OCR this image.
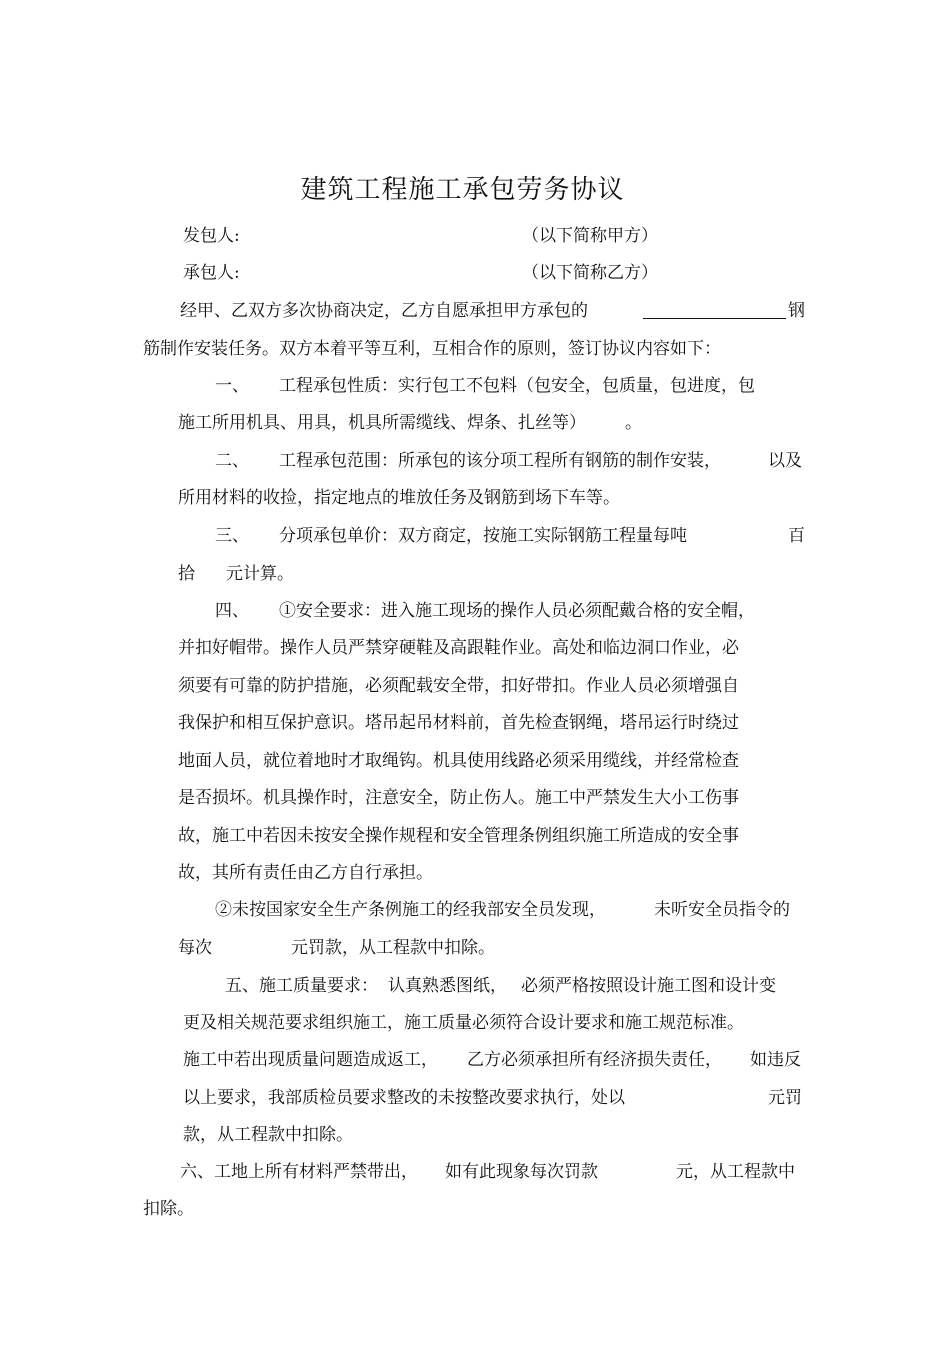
建筑工程施工承包劳务协议
发包人:	（以下简称甲方）
承包人:	（以下简称乙方）
经甲、乙双方多次协商决定，乙方自愿承担甲方承包的	钢
筋制作安装任务。双方本着平等互利，互相合作的原则，签订协议内容如下：
一、 工程承包性质：实行包工不包料（包安全，包质量，包进度，包
施工所用机具、用具，机具所需缆线、焊条、扎丝等） 。
二、 工程承包范围：所承包的该分项工程所有钢筋的制作安装，	以及
所用材料的收捡，指定地点的堆放任务及钢筋到场下车等。
三、 分项承包单价：双方商定，按施工实际钢筋工程量每吨	百
拾 元计算。
四、 ①安全要求：进入施工现场的操作人员必须配戴合格的安全帽，
并扣好帽带。操作人员严禁穿硬鞋及高跟鞋作业。高处和临边洞口作业，必
须要有可靠的防护措施，必须配载安全带，扣好带扣。作业人员必须增强自
我保护和相互保护意识。塔吊起吊材料前，首先检查钢绳，塔吊运行时绕过
地面人员，就位着地时才取绳钩。机具使用线路必须采用缆线，并经常检查
是否损坏。机具操作时，注意安全，防止伤人。施工中严禁发生大小工伤事
故，施工中若因未按安全操作规程和安全管理条例组织施工所造成的安全事
故，其所有责任由乙方自行承担。
②未按国家安全生产条例施工的经我部安全员发现，	未听安全员指令的
每次	元罚款，从工程款中扣除。
五、施工质量要求： 认真熟悉图纸， 必须严格按照设计施工图和设计变
更及相关规范要求组织施工，施工质量必须符合设计要求和施工规范标准。
施工中若出现质量问题造成返工， 乙方必须承担所有经济损失责任， 如违反
以上要求，我部质检员要求整改的未按整改要求执行，处以	元罚
款，从工程款中扣除。
六、工地上所有材料严禁带出， 如有此现象每次罚款	元，从工程款中
扣除。
